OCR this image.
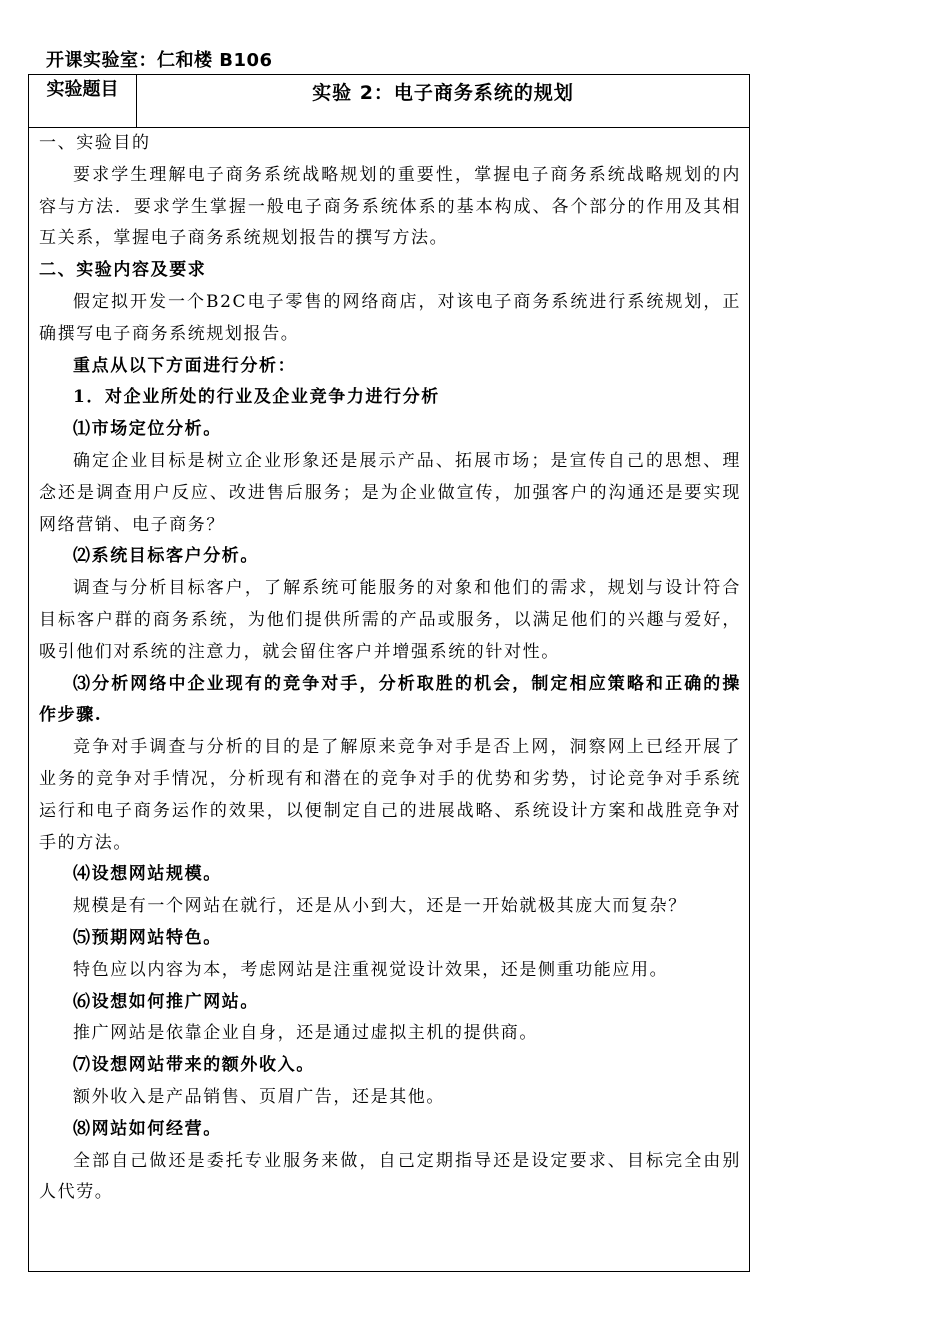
开课实验室：仁和楼 B106
实验题目	实验 2：电子商务系统的规划

一、实验目的

要求学生理解电子商务系统战略规划的重要性，掌握电子商务系统战略规划的内容与方法．要求学生掌握一般电子商务系统体系的基本构成、各个部分的作用及其相互关系，掌握电子商务系统规划报告的撰写方法。

二、实验内容及要求

假定拟开发一个B2C电子零售的网络商店，对该电子商务系统进行系统规划，正确撰写电子商务系统规划报告。

重点从以下方面进行分析：

1．对企业所处的行业及企业竞争力进行分析

⑴市场定位分析。

确定企业目标是树立企业形象还是展示产品、拓展市场；是宣传自己的思想、理念还是调查用户反应、改进售后服务；是为企业做宣传，加强客户的沟通还是要实现网络营销、电子商务？

⑵系统目标客户分析。

调查与分析目标客户，了解系统可能服务的对象和他们的需求，规划与设计符合目标客户群的商务系统，为他们提供所需的产品或服务，以满足他们的兴趣与爱好，吸引他们对系统的注意力，就会留住客户并增强系统的针对性。

⑶分析网络中企业现有的竞争对手，分析取胜的机会，制定相应策略和正确的操作步骤.

竞争对手调查与分析的目的是了解原来竞争对手是否上网，洞察网上已经开展了业务的竞争对手情况，分析现有和潜在的竞争对手的优势和劣势，讨论竞争对手系统运行和电子商务运作的效果，以便制定自己的进展战略、系统设计方案和战胜竞争对手的方法。

⑷设想网站规模。

规模是有一个网站在就行，还是从小到大，还是一开始就极其庞大而复杂？

⑸预期网站特色。

特色应以内容为本，考虑网站是注重视觉设计效果，还是侧重功能应用。

⑹设想如何推广网站。

推广网站是依靠企业自身，还是通过虚拟主机的提供商。

⑺设想网站带来的额外收入。

额外收入是产品销售、页眉广告，还是其他。

⑻网站如何经营。

全部自己做还是委托专业服务来做，自己定期指导还是设定要求、目标完全由别人代劳。
